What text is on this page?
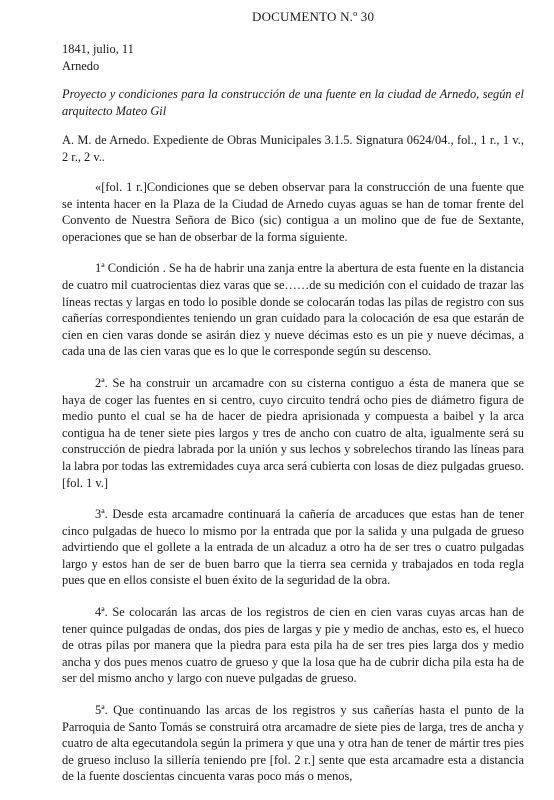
DOCUMENTO N.º 30
1841, julio, 11
Arnedo

Proyecto y condiciones para la construcción de una fuente en la ciudad de Arnedo, según el arquitecto Mateo Gil

A. M. de Arnedo. Expediente de Obras Municipales 3.1.5. Signatura 0624/04., fol., 1 r., 1 v., 2 r., 2 v..

«[fol. 1 r.]Condiciones que se deben observar para la construcción de una fuente que se intenta hacer en la Plaza de la Ciudad de Arnedo cuyas aguas se han de tomar frente del Convento de Nuestra Señora de Bico (sic) contigua a un molino que de fue de Sextante, operaciones que se han de obserbar de la forma siguiente.

1ª Condición . Se ha de habrir una zanja entre la abertura de esta fuente en la distancia de cuatro mil cuatrocientas diez varas que se……de su medición con el cuidado de trazar las líneas rectas y largas en todo lo posible donde se colocarán todas las pilas de registro con sus cañerías correspondientes teniendo un gran cuidado para la colocación de esa que estarán de cien en cien varas donde se asirán diez y nueve décimas esto es un pie y nueve décimas, a cada una de las cien varas que es lo que le corresponde según su descenso.

2ª. Se ha construir un arcamadre con su cisterna contiguo a ésta de manera que se haya de coger las fuentes en si centro, cuyo circuito tendrá ocho pies de diámetro figura de medio punto el cual se ha de hacer de piedra aprisionada y compuesta a baibel y la arca contigua ha de tener siete pies largos y tres de ancho con cuatro de alta, igualmente será su construcción de piedra labrada por la unión y sus lechos y sobrelechos tirando las líneas para la labra por todas las extremidades cuya arca será cubierta con losas de diez pulgadas grueso.[fol. 1 v.]

3ª. Desde esta arcamadre continuará la cañería de arcaduces que estas han de tener cinco pulgadas de hueco lo mismo por la entrada que por la salida y una pulgada de grueso advirtiendo que el gollete a la entrada de un alcaduz a otro ha de ser tres o cuatro pulgadas largo y estos han de ser de buen barro que la tierra sea cernida y trabajados en toda regla pues que en ellos consiste el buen éxito de la seguridad de la obra.

4ª. Se colocarán las arcas de los registros de cien en cien varas cuyas arcas han de tener quince pulgadas de ondas, dos pies de largas y pie y medio de anchas, esto es, el hueco de otras pilas por manera que la piedra para esta pila ha de ser tres pies larga dos y medio ancha y dos pues menos cuatro de grueso y que la losa que ha de cubrir dicha pila esta ha de ser del mismo ancho y largo con nueve pulgadas de grueso.

5ª. Que continuando las arcas de los registros y sus cañerías hasta el punto de la Parroquia de Santo Tomás se construirá otra arcamadre de siete pies de larga, tres de ancha y cuatro de alta egecutandola según la primera y que una y otra han de tener de mártir tres pies de grueso incluso la sillería teniendo pre [fol. 2 r.] sente que esta arcamadre esta a distancia de la fuente doscientas cincuenta varas poco más o menos,
